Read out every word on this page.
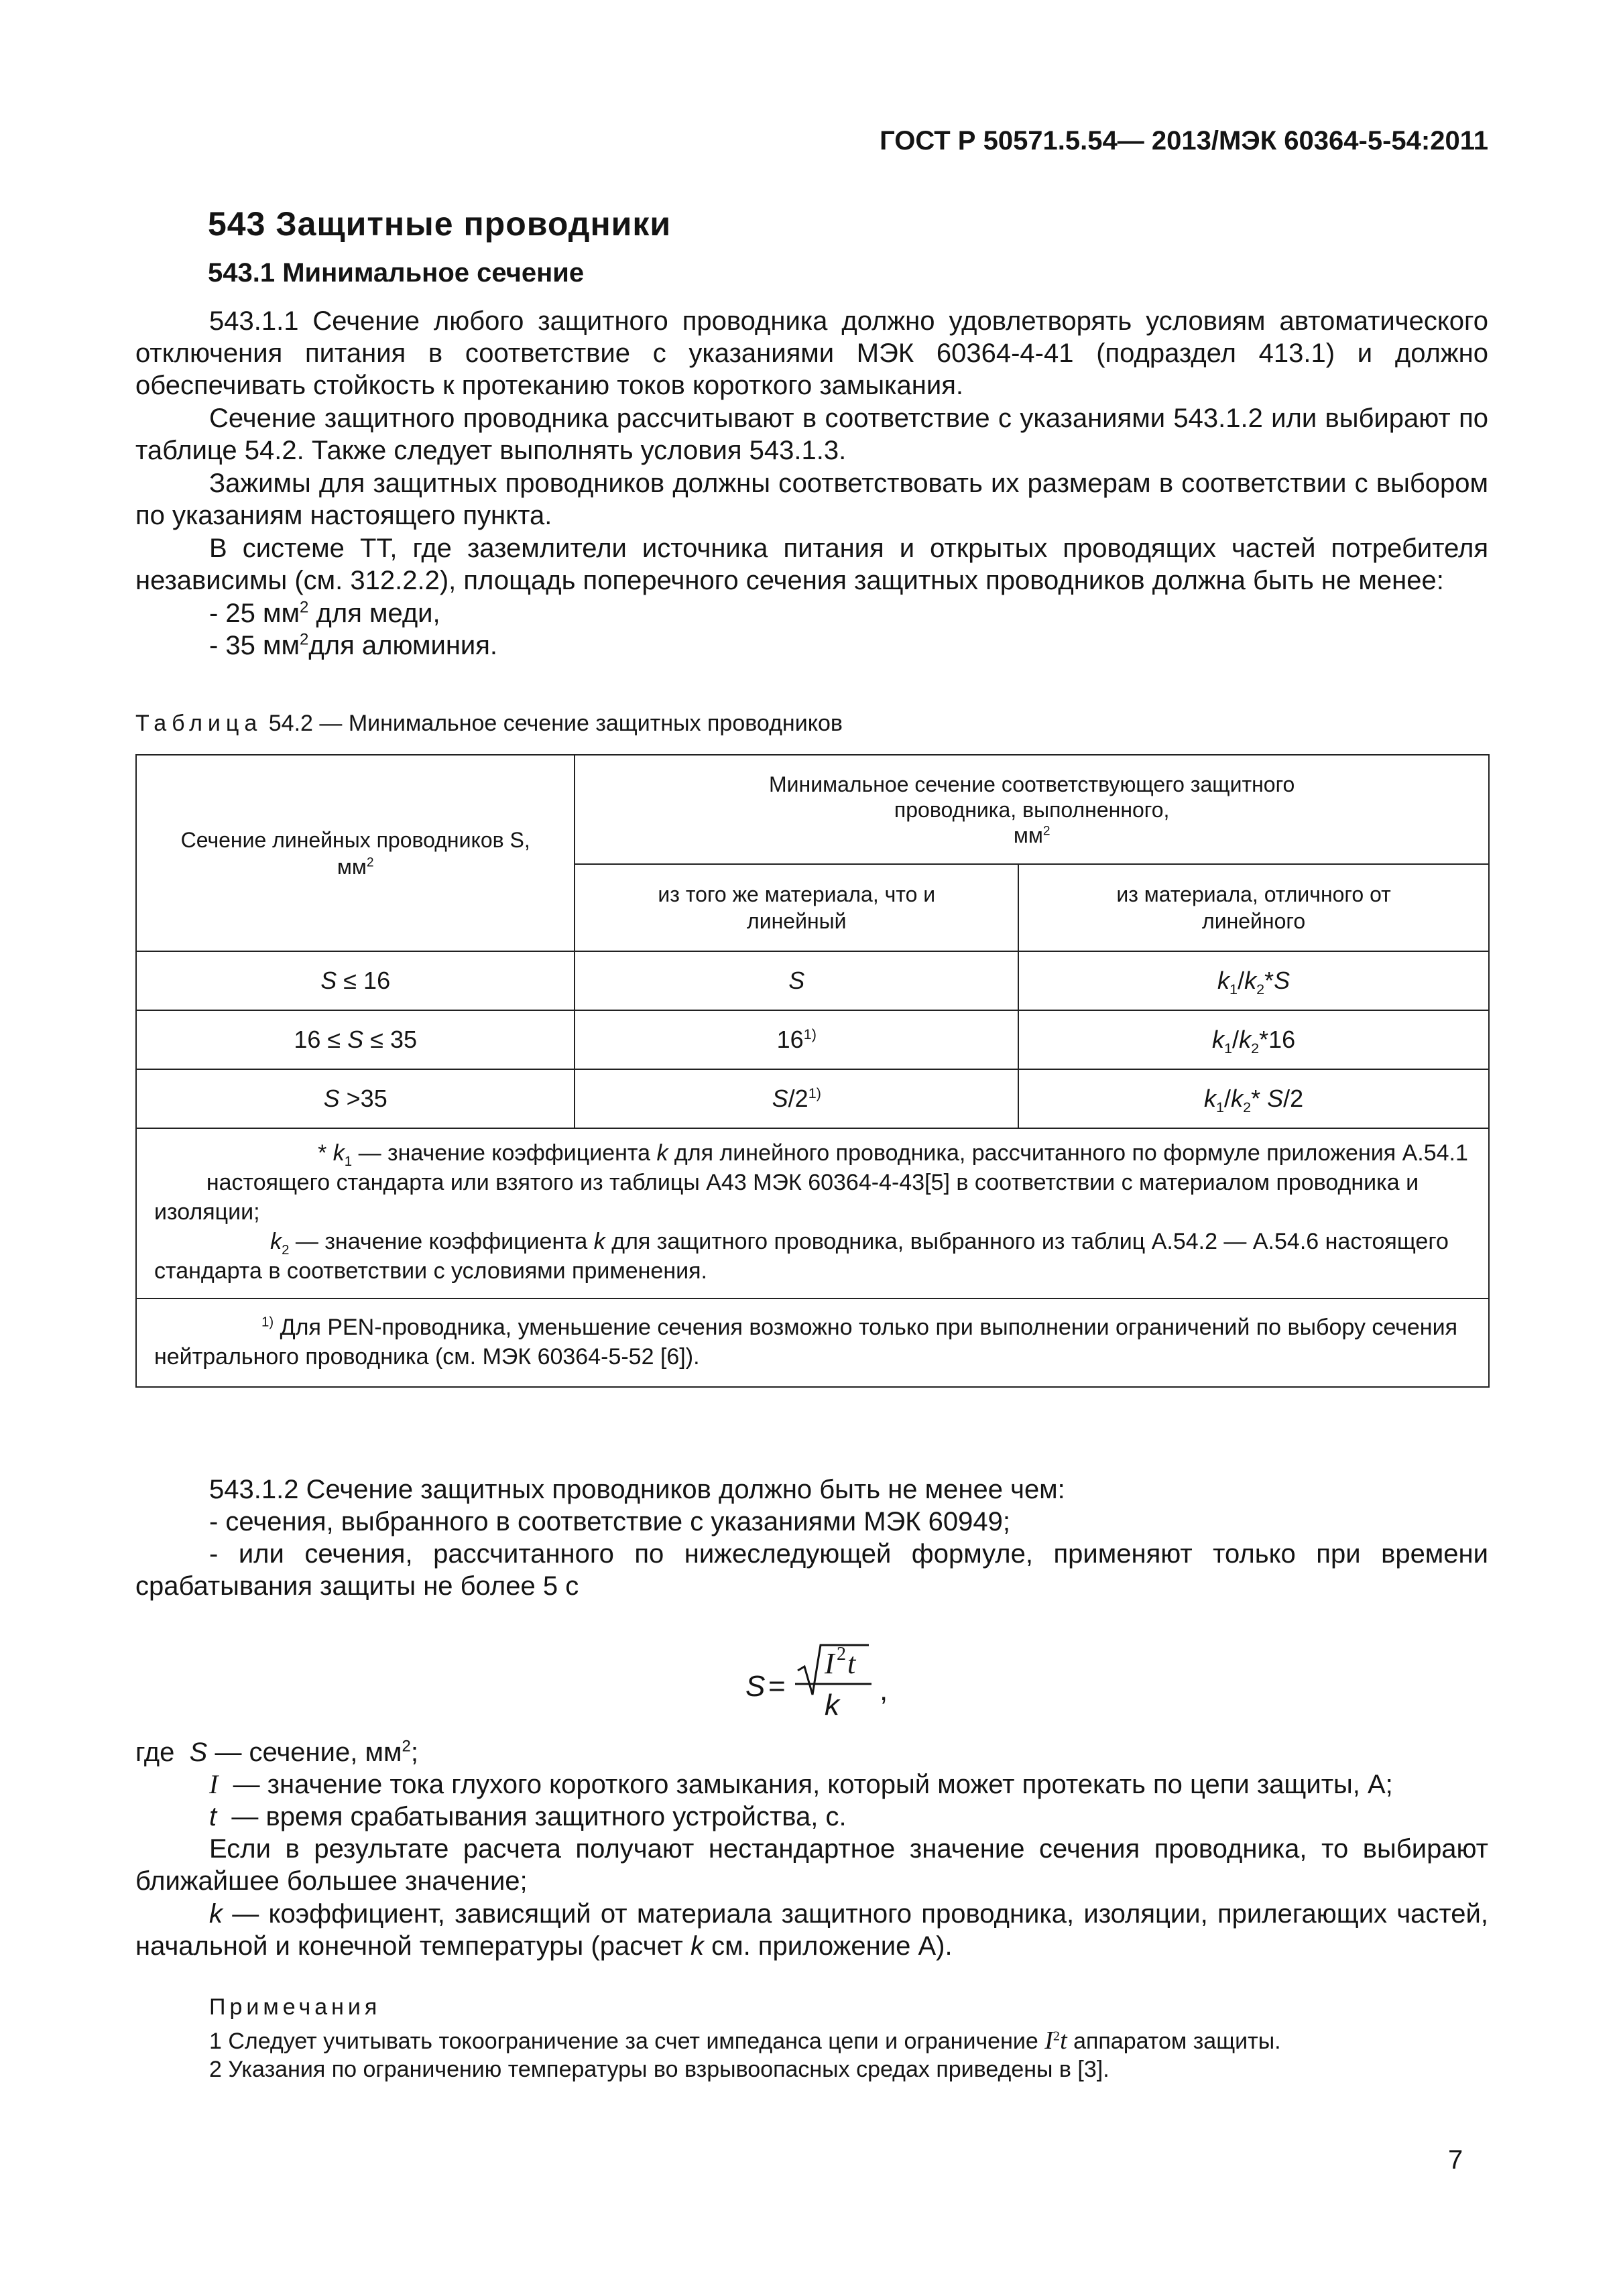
ГОСТ Р 50571.5.54— 2013/МЭК 60364-5-54:2011
543 Защитные проводники
543.1 Минимальное сечение
543.1.1 Сечение любого защитного проводника должно удовлетворять условиям автоматического отключения питания в соответствие с указаниями МЭК 60364-4-41 (подраздел 413.1) и должно обеспечивать стойкость к протеканию токов короткого замыкания.
Сечение защитного проводника рассчитывают в соответствие с указаниями 543.1.2 или выбирают по таблице 54.2. Также следует выполнять условия 543.1.3.
Зажимы для защитных проводников должны соответствовать их размерам в соответствии с выбором по указаниям настоящего пункта.
В системе ТТ, где заземлители источника питания и открытых проводящих частей потребителя независимы (см. 312.2.2), площадь поперечного сечения защитных проводников должна быть не менее:
- 25 $мм^2$ для меди,
- 35 $мм^2для$ алюминия.
Таблица 54.2 — Минимальное сечение защитных проводников
Сечение линейных проводников S, $мм^2$	Минимальное сечение соответствующего защитного
проводника, выполненного,
$мм^2$

	из того же материала, что и линейный	из материала, отличного от линейного
S ≤ 16	S	$k_1/k_2*S$
16 ≤ S ≤ 35	16$^{1)}$	$k_1/k_2*16$
S >35	S/2$^{1)}$	$k_1/k_2*$ S/2

* $k_1$ — значение коэффициента k для линейного проводника, рассчитанного по формуле приложения А.54.1 настоящего стандарта или взятого из таблицы А43 МЭК 60364-4-43[5] в соответствии с материалом проводника и изоляции;
$k_2$ — значение коэффициента k для защитного проводника, выбранного из таблиц А.54.2 — А.54.6 настоящего стандарта в соответствии с условиями применения.		

$^{1)}$ Для PEN-проводника, уменьшение сечения возможно только при выполнении ограничений по выбору сечения нейтрального проводника (см. МЭК 60364-5-52 [6]).		
543.1.2 Сечение защитных проводников должно быть не менее чем:
- сечения, выбранного в соответствие с указаниями МЭК 60949;
- или сечения, рассчитанного по нижеследующей формуле, применяют только при времени срабатывания защиты не более 5 с
S =
I 2 t
k ,
где S — сечение, $мм^2$;
I — значение тока глухого короткого замыкания, который может протекать по цепи защиты, А;
t — время срабатывания защитного устройства, с.
Если в результате расчета получают нестандартное значение сечения проводника, то выбирают ближайшее большее значение;
k — коэффициент, зависящий от материала защитного проводника, изоляции, прилегающих частей, начальной и конечной температуры (расчет k см. приложение А).
Примечания
1 Следует учитывать токоограничение за счет импеданса цепи и ограничение $I^2t$ аппаратом защиты.
2 Указания по ограничению температуры во взрывоопасных средах приведены в [3].
7
